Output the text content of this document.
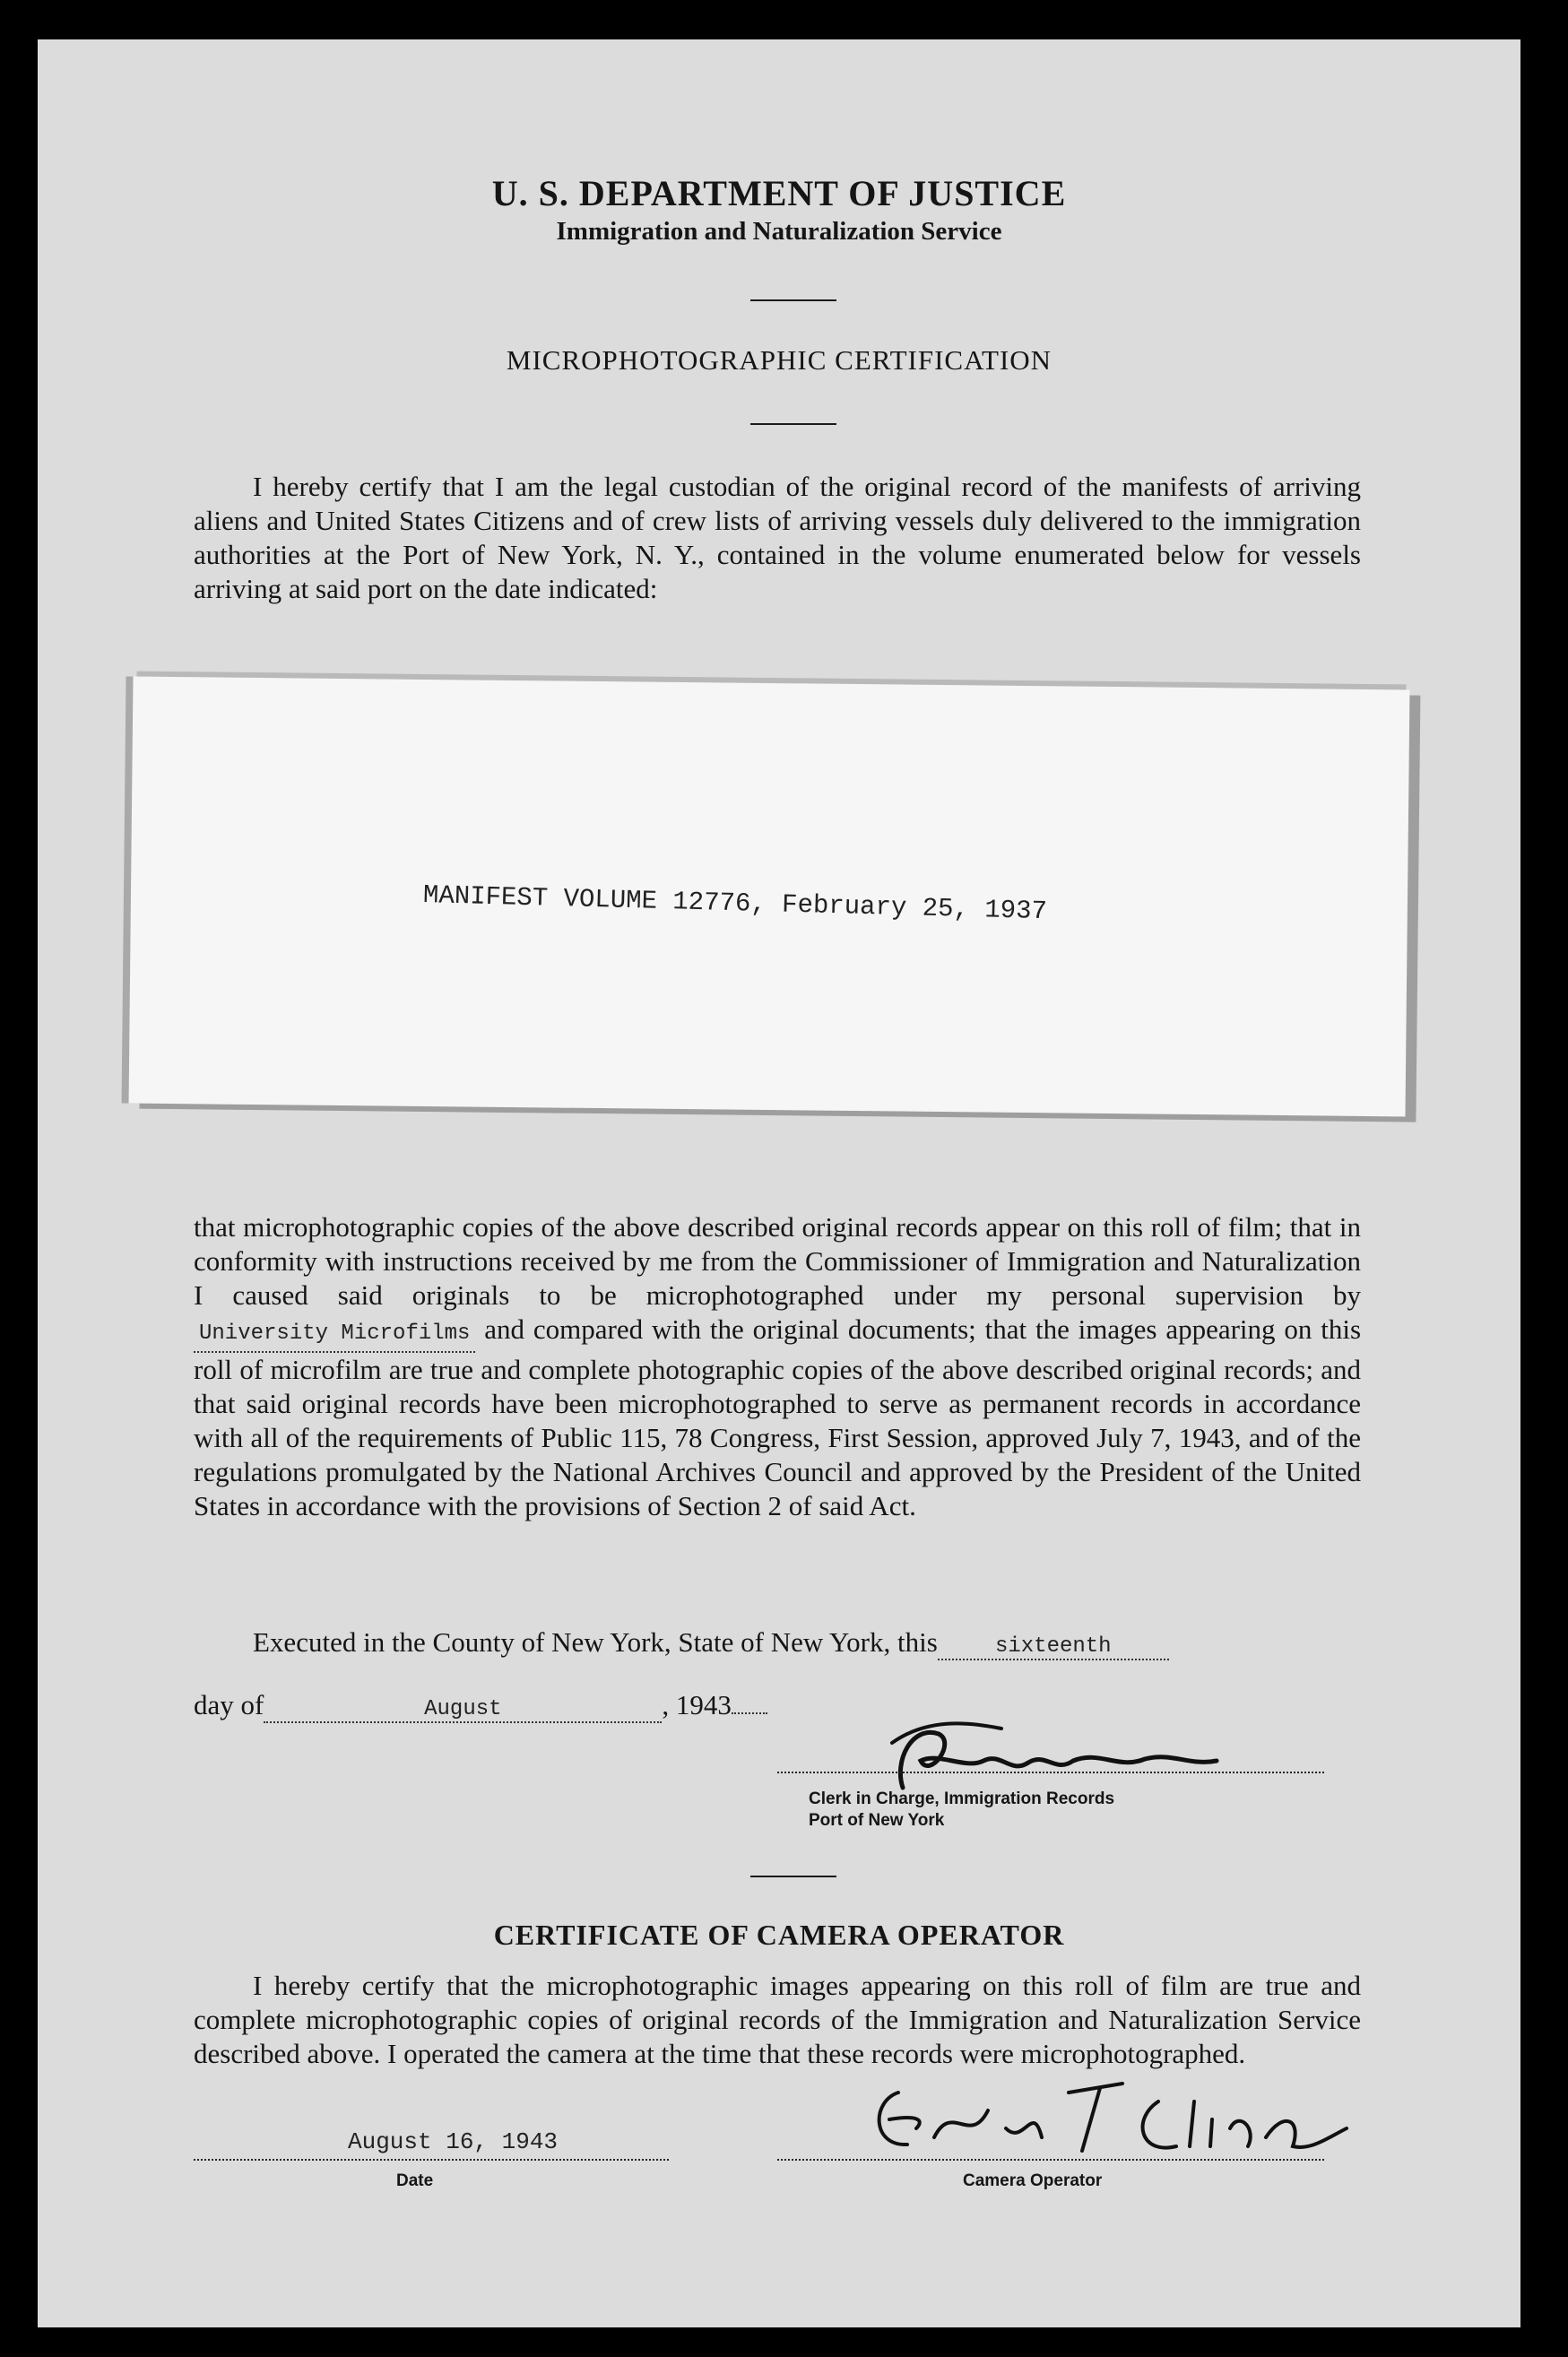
U. S. DEPARTMENT OF JUSTICE
Immigration and Naturalization Service
MICROPHOTOGRAPHIC CERTIFICATION
I hereby certify that I am the legal custodian of the original record of the manifests of arriving aliens and United States Citizens and of crew lists of arriving vessels duly delivered to the immigration authorities at the Port of New York, N. Y., contained in the volume enumerated below for vessels arriving at said port on the date indicated:
MANIFEST VOLUME 12776, February 25, 1937
that microphotographic copies of the above described original records appear on this roll of film; that in conformity with instructions received by me from the Commissioner of Immigration and Naturalization I caused said originals to be microphotographed under my personal supervision byUniversity Microfilms and compared with the original documents; that the images appearing on this roll of microfilm are true and complete photographic copies of the above described original records; and that said original records have been microphotographed to serve as permanent records in accordance with all of the requirements of Public 115, 78 Congress, First Session, approved July 7, 1943, and of the regulations promulgated by the National Archives Council and approved by the President of the United States in accordance with the provisions of Section 2 of said Act.
Executed in the County of New York, State of New York, this	sixteenth
day of	August	, 1943
Clerk in Charge, Immigration Records
Port of New York
CERTIFICATE OF CAMERA OPERATOR
I hereby certify that the microphotographic images appearing on this roll of film are true and complete microphotographic copies of original records of the Immigration and Naturalization Service described above. I operated the camera at the time that these records were microphotographed.
August 16, 1943
Date	Camera Operator
